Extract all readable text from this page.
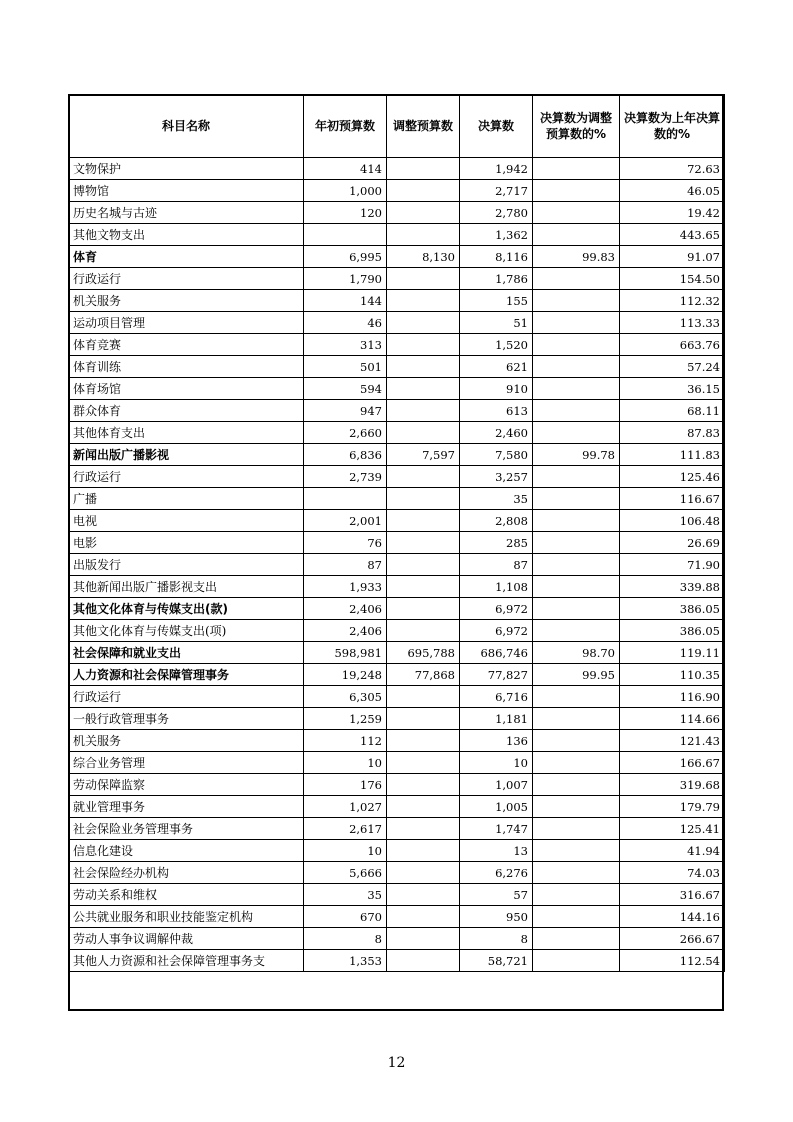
科目名称	年初预算数	调整预算数	决算数	决算数为调整预算数的%	决算数为上年决算数的%
文物保护	414		1,942		72.63
博物馆	1,000		2,717		46.05
历史名城与古迹	120		2,780		19.42
其他文物支出			1,362		443.65
体育	6,995	8,130	8,116	99.83	91.07
行政运行	1,790		1,786		154.50
机关服务	144		155		112.32
运动项目管理	46		51		113.33
体育竞赛	313		1,520		663.76
体育训练	501		621		57.24
体育场馆	594		910		36.15
群众体育	947		613		68.11
其他体育支出	2,660		2,460		87.83
新闻出版广播影视	6,836	7,597	7,580	99.78	111.83
行政运行	2,739		3,257		125.46
广播			35		116.67
电视	2,001		2,808		106.48
电影	76		285		26.69
出版发行	87		87		71.90
其他新闻出版广播影视支出	1,933		1,108		339.88
其他文化体育与传媒支出(款)	2,406		6,972		386.05
其他文化体育与传媒支出(项)	2,406		6,972		386.05
社会保障和就业支出	598,981	695,788	686,746	98.70	119.11
人力资源和社会保障管理事务	19,248	77,868	77,827	99.95	110.35
行政运行	6,305		6,716		116.90
一般行政管理事务	1,259		1,181		114.66
机关服务	112		136		121.43
综合业务管理	10		10		166.67
劳动保障监察	176		1,007		319.68
就业管理事务	1,027		1,005		179.79
社会保险业务管理事务	2,617		1,747		125.41
信息化建设	10		13		41.94
社会保险经办机构	5,666		6,276		74.03
劳动关系和维权	35		57		316.67
公共就业服务和职业技能鉴定机构	670		950		144.16
劳动人事争议调解仲裁	8		8		266.67
其他人力资源和社会保障管理事务支	1,353		58,721		112.54
12
